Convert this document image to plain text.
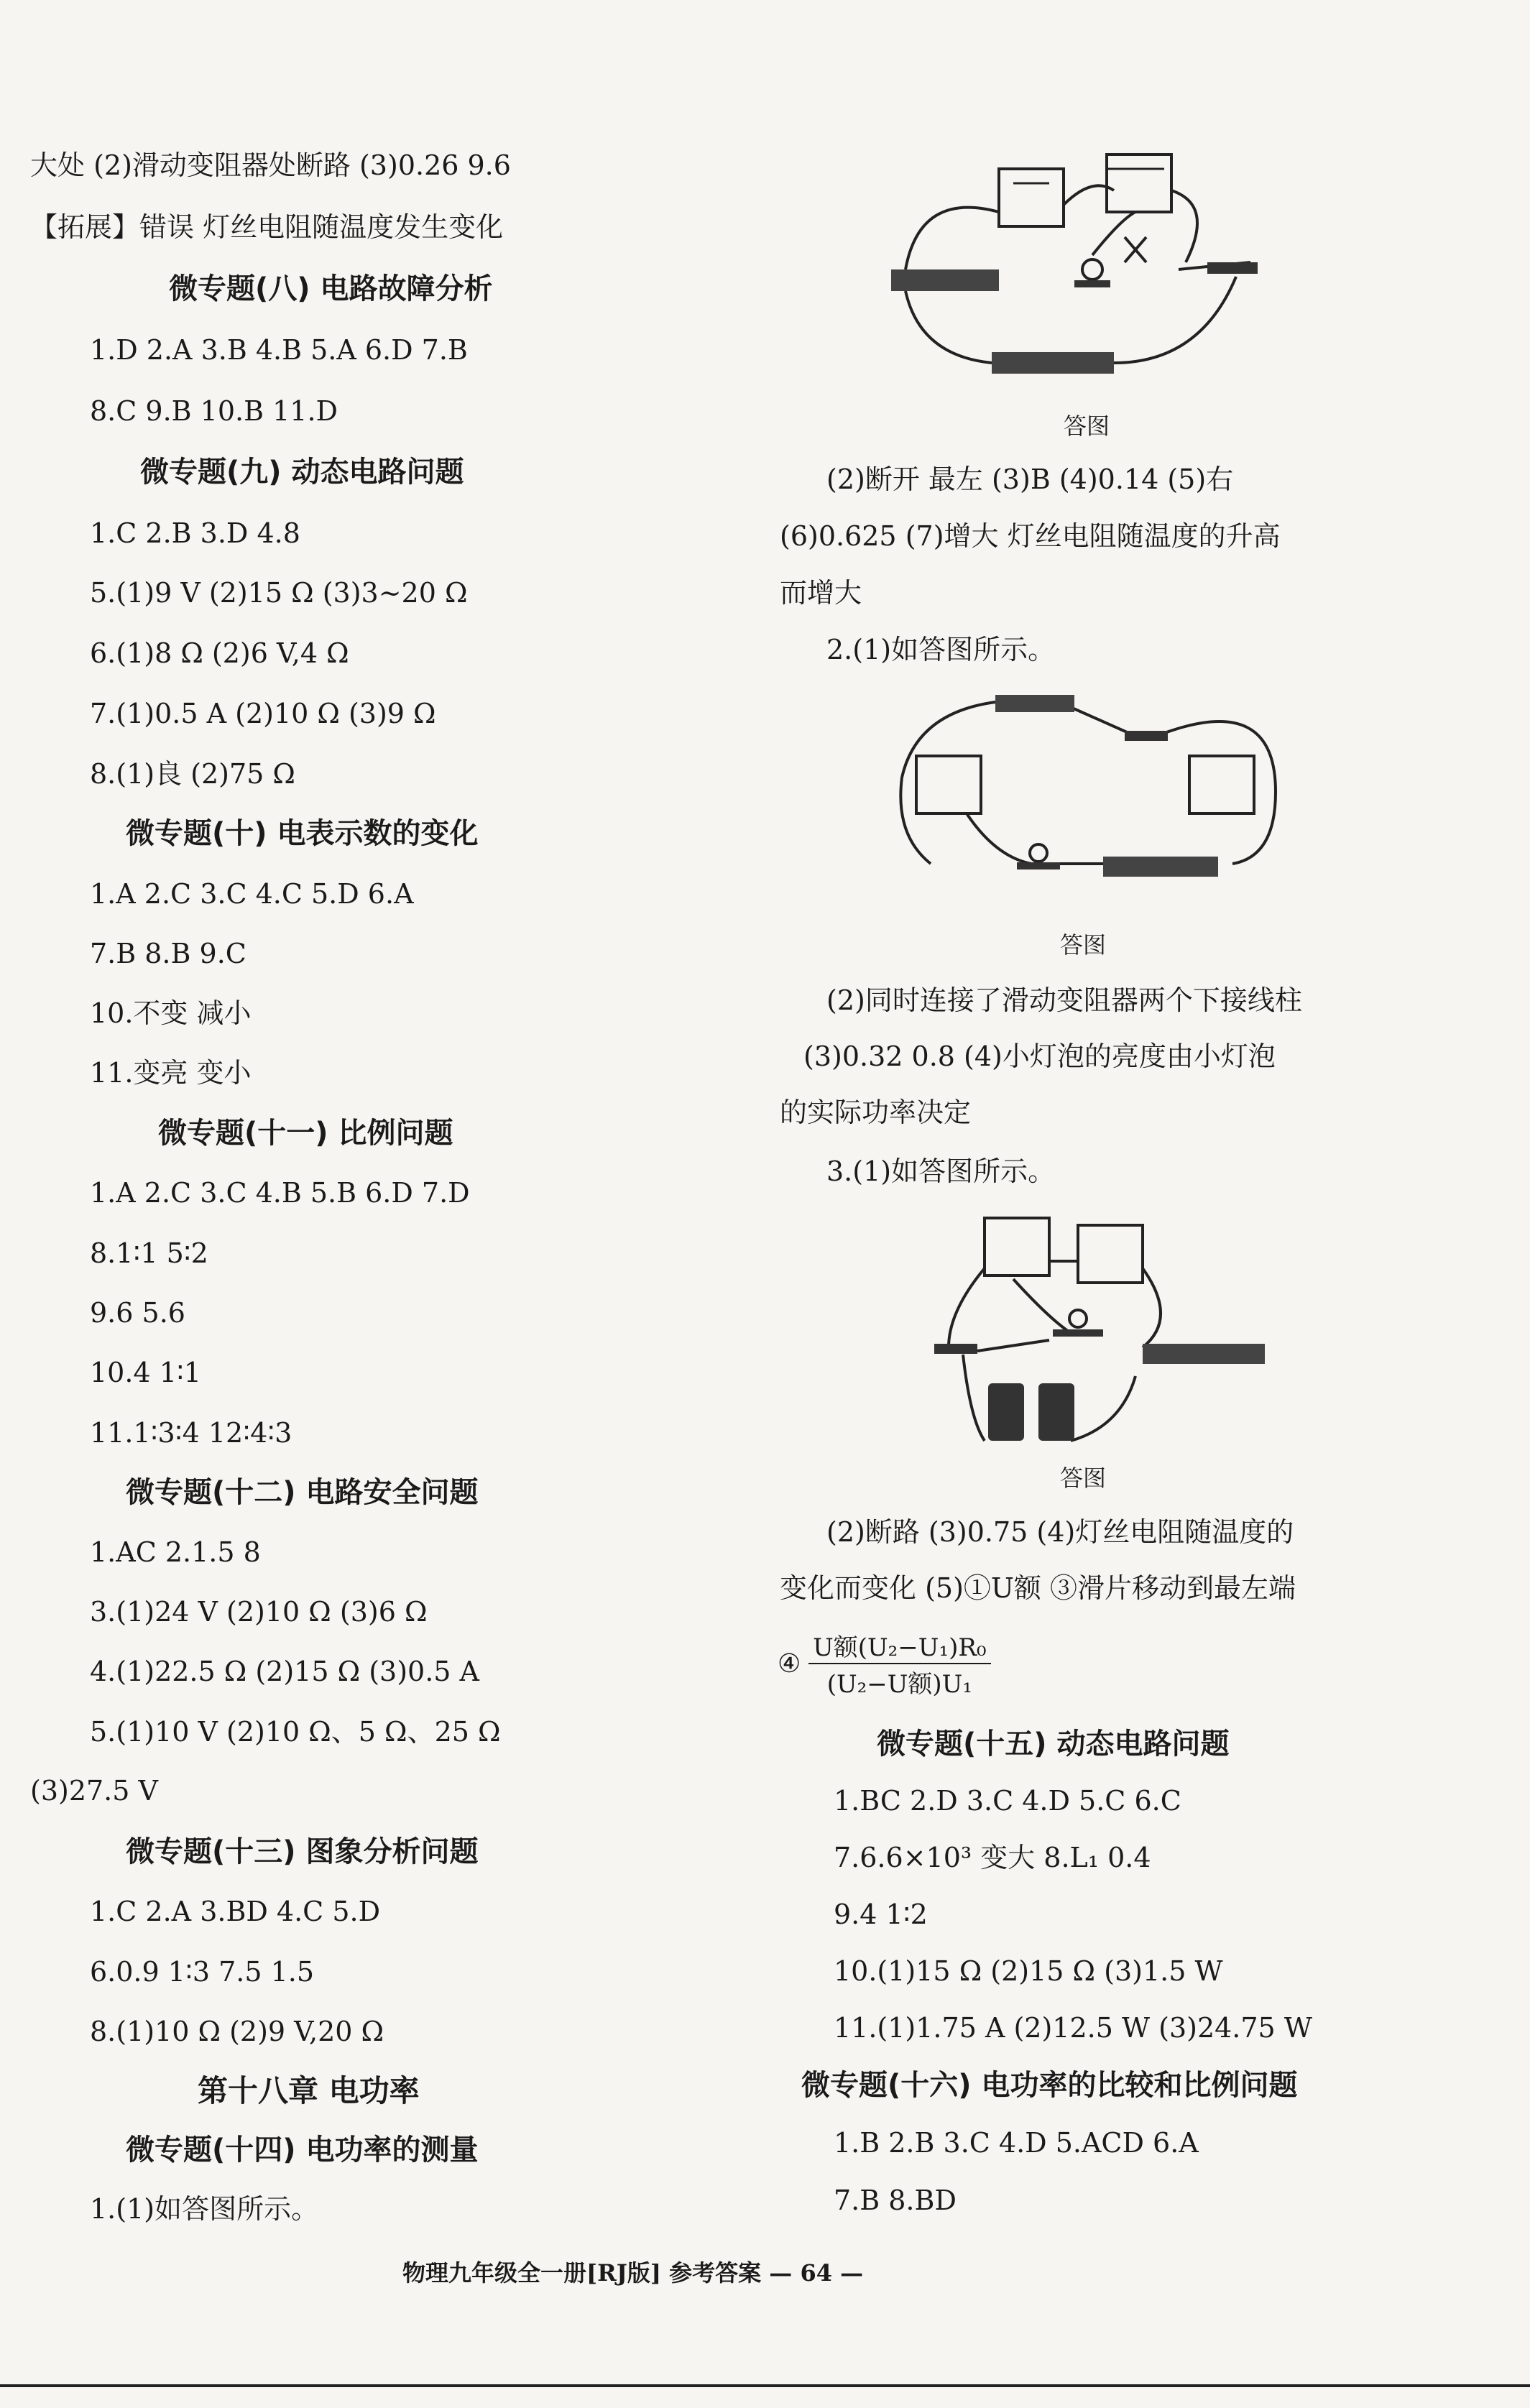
大处 (2)滑动变阻器处断路 (3)0.26 9.6
【拓展】错误 灯丝电阻随温度发生变化
微专题(八) 电路故障分析
1.D 2.A 3.B 4.B 5.A 6.D 7.B
8.C 9.B 10.B 11.D
微专题(九) 动态电路问题
1.C 2.B 3.D 4.8
5.(1)9 V (2)15 Ω (3)3~20 Ω
6.(1)8 Ω (2)6 V,4 Ω
7.(1)0.5 A (2)10 Ω (3)9 Ω
8.(1)良 (2)75 Ω
微专题(十) 电表示数的变化
1.A 2.C 3.C 4.C 5.D 6.A
7.B 8.B 9.C
10.不变 减小
11.变亮 变小
微专题(十一) 比例问题
1.A 2.C 3.C 4.B 5.B 6.D 7.D
8.1∶1 5∶2
9.6 5.6
10.4 1∶1
11.1∶3∶4 12∶4∶3
微专题(十二) 电路安全问题
1.AC 2.1.5 8
3.(1)24 V (2)10 Ω (3)6 Ω
4.(1)22.5 Ω (2)15 Ω (3)0.5 A
5.(1)10 V (2)10 Ω、5 Ω、25 Ω
(3)27.5 V
微专题(十三) 图象分析问题
1.C 2.A 3.BD 4.C 5.D
6.0.9 1∶3 7.5 1.5
8.(1)10 Ω (2)9 V,20 Ω
第十八章 电功率
微专题(十四) 电功率的测量
1.(1)如答图所示。
答图
(2)断开 最左 (3)B (4)0.14 (5)右
(6)0.625 (7)增大 灯丝电阻随温度的升高
而增大
2.(1)如答图所示。
答图
(2)同时连接了滑动变阻器两个下接线柱
(3)0.32 0.8 (4)小灯泡的亮度由小灯泡
的实际功率决定
3.(1)如答图所示。
答图
(2)断路 (3)0.75 (4)灯丝电阻随温度的
变化而变化 (5)①U额 ③滑片移动到最左端
④ U额(U₂−U₁)R₀
(U₂−U额)U₁
微专题(十五) 动态电路问题
1.BC 2.D 3.C 4.D 5.C 6.C
7.6.6×10³ 变大 8.L₁ 0.4
9.4 1∶2
10.(1)15 Ω (2)15 Ω (3)1.5 W
11.(1)1.75 A (2)12.5 W (3)24.75 W
微专题(十六) 电功率的比较和比例问题
1.B 2.B 3.C 4.D 5.ACD 6.A
7.B 8.BD
物理九年级全一册[RJ版] 参考答案 — 64 —
